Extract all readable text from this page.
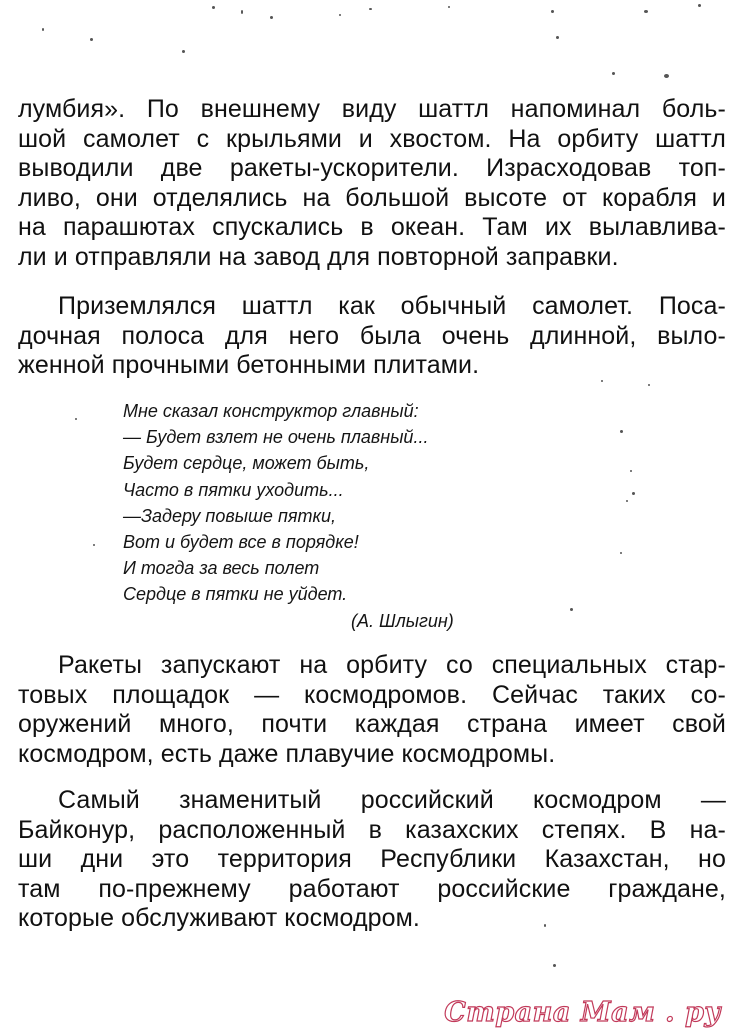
лумбия». По внешнему виду шаттл напоминал боль-
шой самолет с крыльями и хвостом. На орбиту шаттл
выводили две ракеты-ускорители. Израсходовав топ-
ливо, они отделялись на большой высоте от корабля и
на парашютах спускались в океан. Там их вылавлива-
ли и отправляли на завод для повторной заправки.
Приземлялся шаттл как обычный самолет. Поса-
дочная полоса для него была очень длинной, выло-
женной прочными бетонными плитами.
Мне сказал конструктор главный:
— Будет взлет не очень плавный...
Будет сердце, может быть,
Часто в пятки уходить...
—Задеру повыше пятки,
Вот и будет все в порядке!
И тогда за весь полет
Сердце в пятки не уйдет.
(А. Шлыгин)
Ракеты запускают на орбиту со специальных стар-
товых площадок — космодромов. Сейчас таких со-
оружений много, почти каждая страна имеет свой
космодром, есть даже плавучие космодромы.
Самый знаменитый российский космодром —
Байконур, расположенный в казахских степях. В на-
ши дни это территория Республики Казахстан, но
там по-прежнему работают российские граждане,
которые обслуживают космодром.
Страна Мам . ру
